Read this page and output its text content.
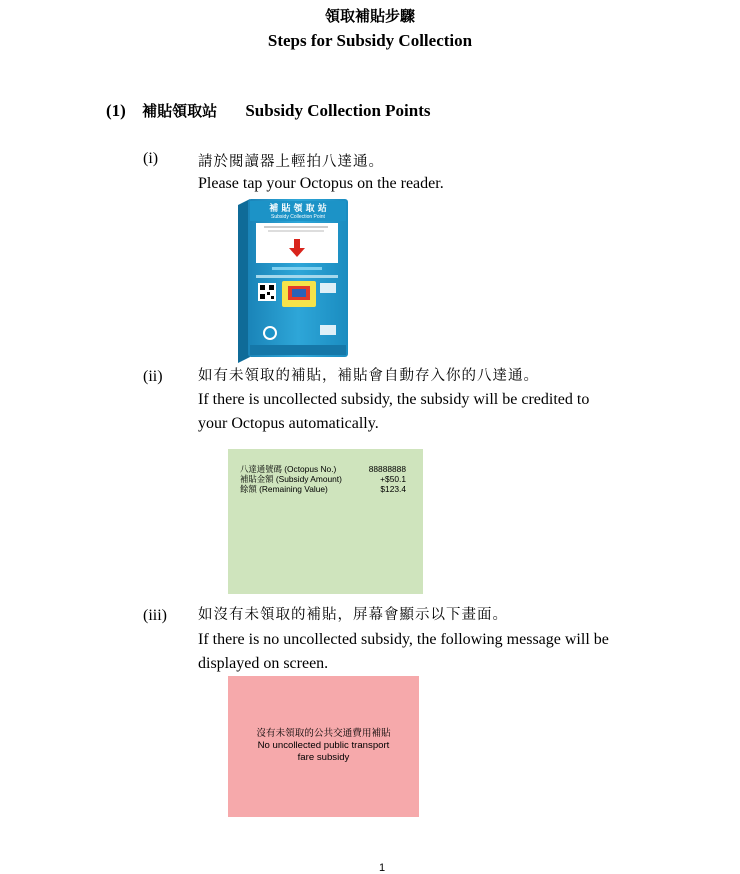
領取補貼步驟
Steps for Subsidy Collection
(1) 補貼領取站 Subsidy Collection Points
(i)	請於閱讀器上輕拍八達通。
Please tap your Octopus on the reader.
補 貼 領 取 站
Subsidy Collection Point
(ii) 如有未領取的補貼，補貼會自動存入你的八達通。
If there is uncollected subsidy, the subsidy will be credited to
your Octopus automatically.
八達通號碼 (Octopus No.)	88888888
補貼金額 (Subsidy Amount)	+$50.1
餘額 (Remaining Value)	$123.4
(iii) 如沒有未領取的補貼，屏幕會顯示以下畫面。
If there is no uncollected subsidy, the following message will be
displayed on screen.
沒有未領取的公共交通費用補貼
No uncollected public transport
fare subsidy
1
